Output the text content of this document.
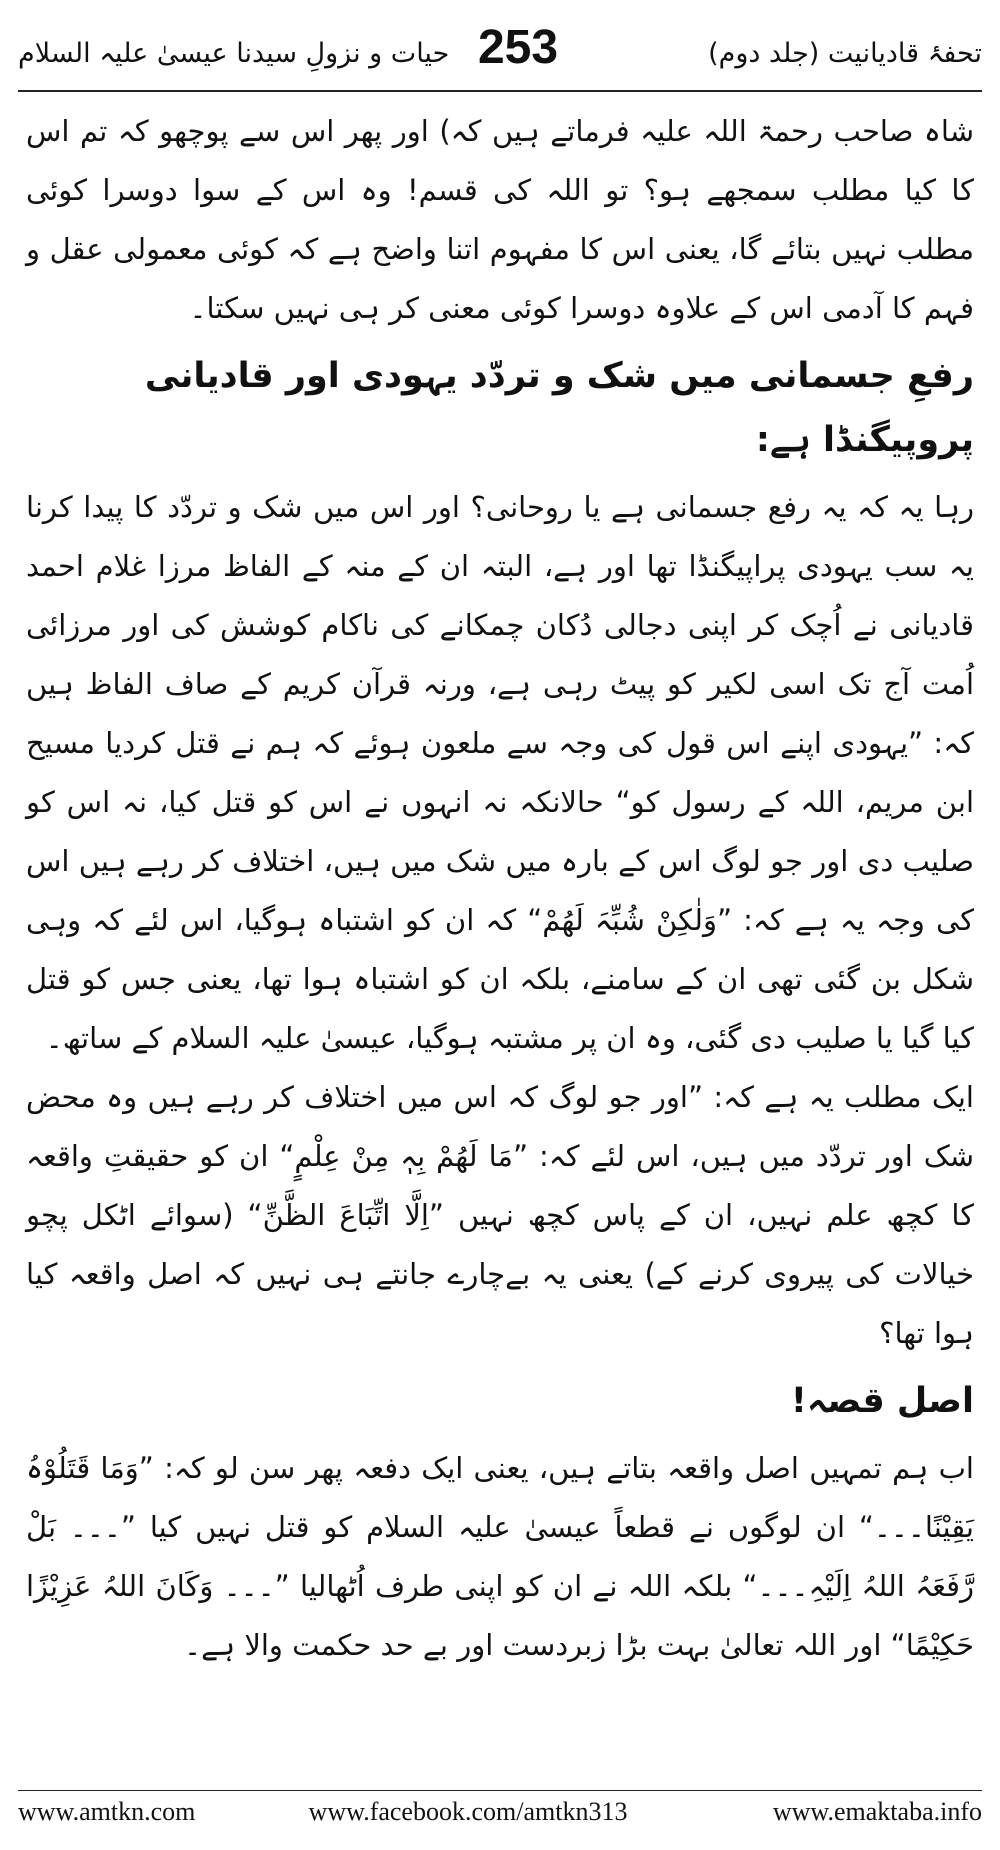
حیات و نزولِ سیدنا عیسیٰ علیہ السلام 253	تحفۂ قادیانیت (جلد دوم)

شاہ صاحب رحمۃ اللہ علیہ فرماتے ہیں کہ) اور پھر اس سے پوچھو کہ تم اس کا کیا مطلب سمجھے ہو؟ تو اللہ کی قسم! وہ اس کے سوا دوسرا کوئی مطلب نہیں بتائے گا، یعنی اس کا مفہوم اتنا واضح ہے کہ کوئی معمولی عقل و فہم کا آدمی اس کے علاوہ دوسرا کوئی معنی کر ہی نہیں سکتا۔

رفعِ جسمانی میں شک و تردّد یہودی اور قادیانی پروپیگنڈا ہے:

رہا یہ کہ یہ رفع جسمانی ہے یا روحانی؟ اور اس میں شک و تردّد کا پیدا کرنا یہ سب یہودی پراپیگنڈا تھا اور ہے، البتہ ان کے منہ کے الفاظ مرزا غلام احمد قادیانی نے اُچک کر اپنی دجالی دُکان چمکانے کی ناکام کوشش کی اور مرزائی اُمت آج تک اسی لکیر کو پیٹ رہی ہے، ورنہ قرآن کریم کے صاف الفاظ ہیں کہ: ”یہودی اپنے اس قول کی وجہ سے ملعون ہوئے کہ ہم نے قتل کردیا مسیح ابن مریم، اللہ کے رسول کو“ حالانکہ نہ انہوں نے اس کو قتل کیا، نہ اس کو صلیب دی اور جو لوگ اس کے بارہ میں شک میں ہیں، اختلاف کر رہے ہیں اس کی وجہ یہ ہے کہ: ”وَلٰکِنْ شُبِّہَ لَھُمْ“ کہ ان کو اشتباہ ہوگیا، اس لئے کہ وہی شکل بن گئی تھی ان کے سامنے، بلکہ ان کو اشتباہ ہوا تھا، یعنی جس کو قتل کیا گیا یا صلیب دی گئی، وہ ان پر مشتبہ ہوگیا، عیسیٰ علیہ السلام کے ساتھ۔

ایک مطلب یہ ہے کہ: ”اور جو لوگ کہ اس میں اختلاف کر رہے ہیں وہ محض شک اور تردّد میں ہیں، اس لئے کہ: ”مَا لَھُمْ بِہٖ مِنْ عِلْمٍ“ ان کو حقیقتِ واقعہ کا کچھ علم نہیں، ان کے پاس کچھ نہیں ”اِلَّا اتِّبَاعَ الظَّنِّ“ (سوائے اٹکل پچو خیالات کی پیروی کرنے کے) یعنی یہ بےچارے جانتے ہی نہیں کہ اصل واقعہ کیا ہوا تھا؟

اصل قصہ!

اب ہم تمہیں اصل واقعہ بتاتے ہیں، یعنی ایک دفعہ پھر سن لو کہ: ”وَمَا قَتَلُوْہُ یَقِیْنًا۔۔۔“ ان لوگوں نے قطعاً عیسیٰ علیہ السلام کو قتل نہیں کیا ”۔۔۔ بَلْ رَّفَعَہُ اللہُ اِلَیْہِ۔۔۔“ بلکہ اللہ نے ان کو اپنی طرف اُٹھالیا ”۔۔۔ وَکَانَ اللہُ عَزِیْزًا حَکِیْمًا“ اور اللہ تعالیٰ بہت بڑا زبردست اور بے حد حکمت والا ہے۔

www.amtkn.com	www.facebook.com/amtkn313	www.emaktaba.info
